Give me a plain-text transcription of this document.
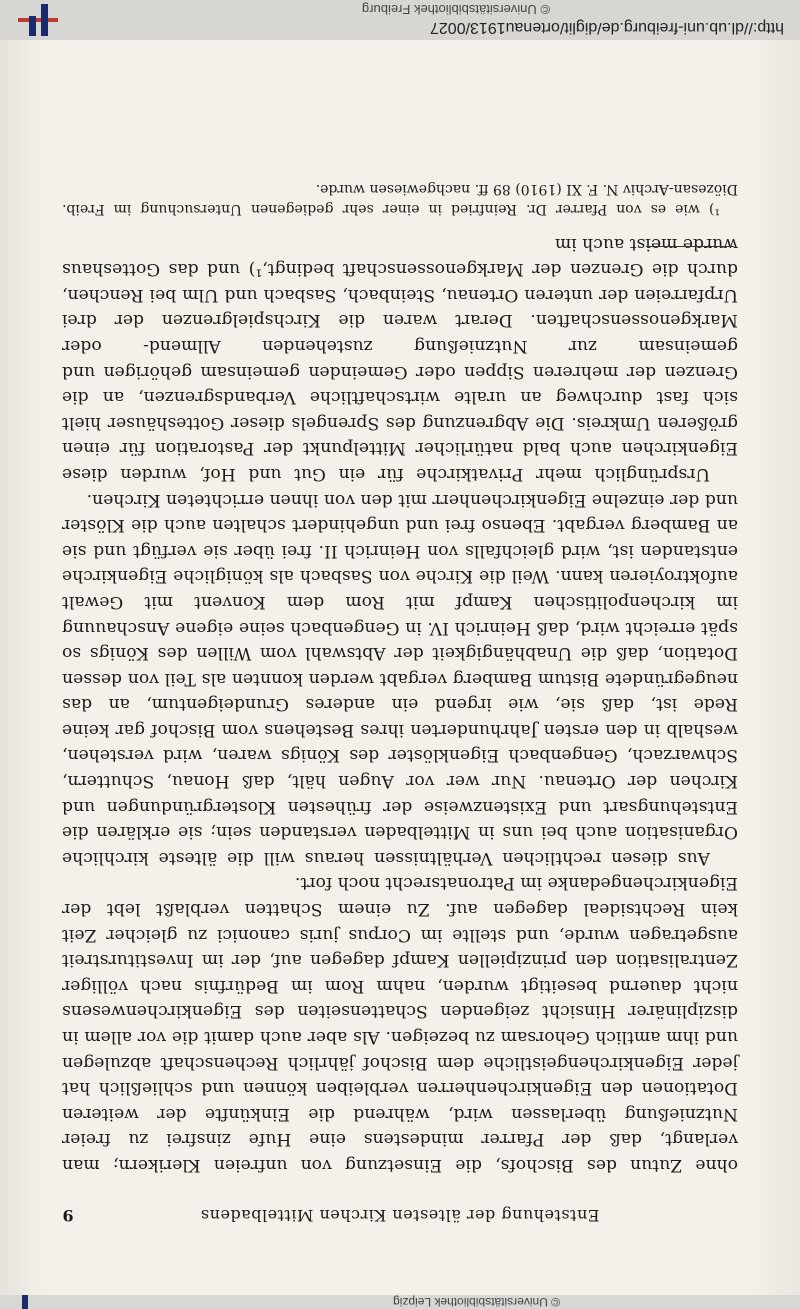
Entstehung der ältesten Kirchen Mittelbadens
9

ohne Zutun des Bischofs, die Einsetzung von unfreien Klerikern; man verlangt, daß der Pfarrer mindestens eine Hufe zinsfrei zu freier Nutznießung überlassen wird, während die Einkünfte der weiteren Dotationen den Eigenkirchenherren verbleiben können und schließlich hat jeder Eigenkirchengeistliche dem Bischof jährlich Rechenschaft abzulegen und ihm amtlich Gehorsam zu bezeigen. Als aber auch damit die vor allem in disziplinärer Hinsicht zeigenden Schattenseiten des Eigenkirchenwesens nicht dauernd beseitigt wurden, nahm Rom im Bedürfnis nach völliger Zentralisation den prinzipiellen Kampf dagegen auf, der im Investiturstreit ausgetragen wurde, und stellte im Corpus juris canonici zu gleicher Zeit kein Rechtsideal dagegen auf. Zu einem Schatten verblaßt lebt der Eigenkirchengedanke im Patronatsrecht noch fort.

Aus diesen rechtlichen Verhältnissen heraus will die älteste kirchliche Organisation auch bei uns in Mittelbaden verstanden sein; sie erklären die Entstehungsart und Existenzweise der frühesten Klostergründungen und Kirchen der Ortenau. Nur wer vor Augen hält, daß Honau, Schuttern, Schwarzach, Gengenbach Eigenklöster des Königs waren, wird verstehen, weshalb in den ersten Jahrhunderten ihres Bestehens vom Bischof gar keine Rede ist, daß sie, wie irgend ein anderes Grundeigentum, an das neugegründete Bistum Bamberg vergabt werden konnten als Teil von dessen Dotation, daß die Unabhängigkeit der Abtswahl vom Willen des Königs so spät erreicht wird, daß Heinrich IV. in Gengenbach seine eigene Anschauung im kirchenpolitischen Kampf mit Rom dem Konvent mit Gewalt aufoktroyieren kann. Weil die Kirche von Sasbach als königliche Eigenkirche entstanden ist, wird gleichfalls von Heinrich II. frei über sie verfügt und sie an Bamberg vergabt. Ebenso frei und ungehindert schalten auch die Klöster und der einzelne Eigenkirchenherr mit den von ihnen errichteten Kirchen.

Ursprünglich mehr Privatkirche für ein Gut und Hof, wurden diese Eigenkirchen auch bald natürlicher Mittelpunkt der Pastoration für einen größeren Umkreis. Die Abgrenzung des Sprengels dieser Gotteshäuser hielt sich fast durchweg an uralte wirtschaftliche Verbandsgrenzen, an die Grenzen der mehreren Sippen oder Gemeinden gemeinsam gehörigen und gemeinsam zur Nutznießung zustehenden Allmend- oder Markgenossenschaften. Derart waren die Kirchspielgrenzen der drei Urpfarreien der unteren Ortenau, Steinbach, Sasbach und Ulm bei Renchen, durch die Grenzen der Markgenossenschaft bedingt,¹) und das Gotteshaus wurde meist auch im

¹) wie es von Pfarrer Dr. Reinfried in einer sehr gediegenen Untersuchung im Freib. Diözesan-Archiv N. F. XI (1910) 89 ff. nachgewiesen wurde.

© Universitätsbibliothek Leipzig
http://dl.ub.uni-freiburg.de/diglit/ortenau1913/0027
© Universitätsbibliothek Freiburg
